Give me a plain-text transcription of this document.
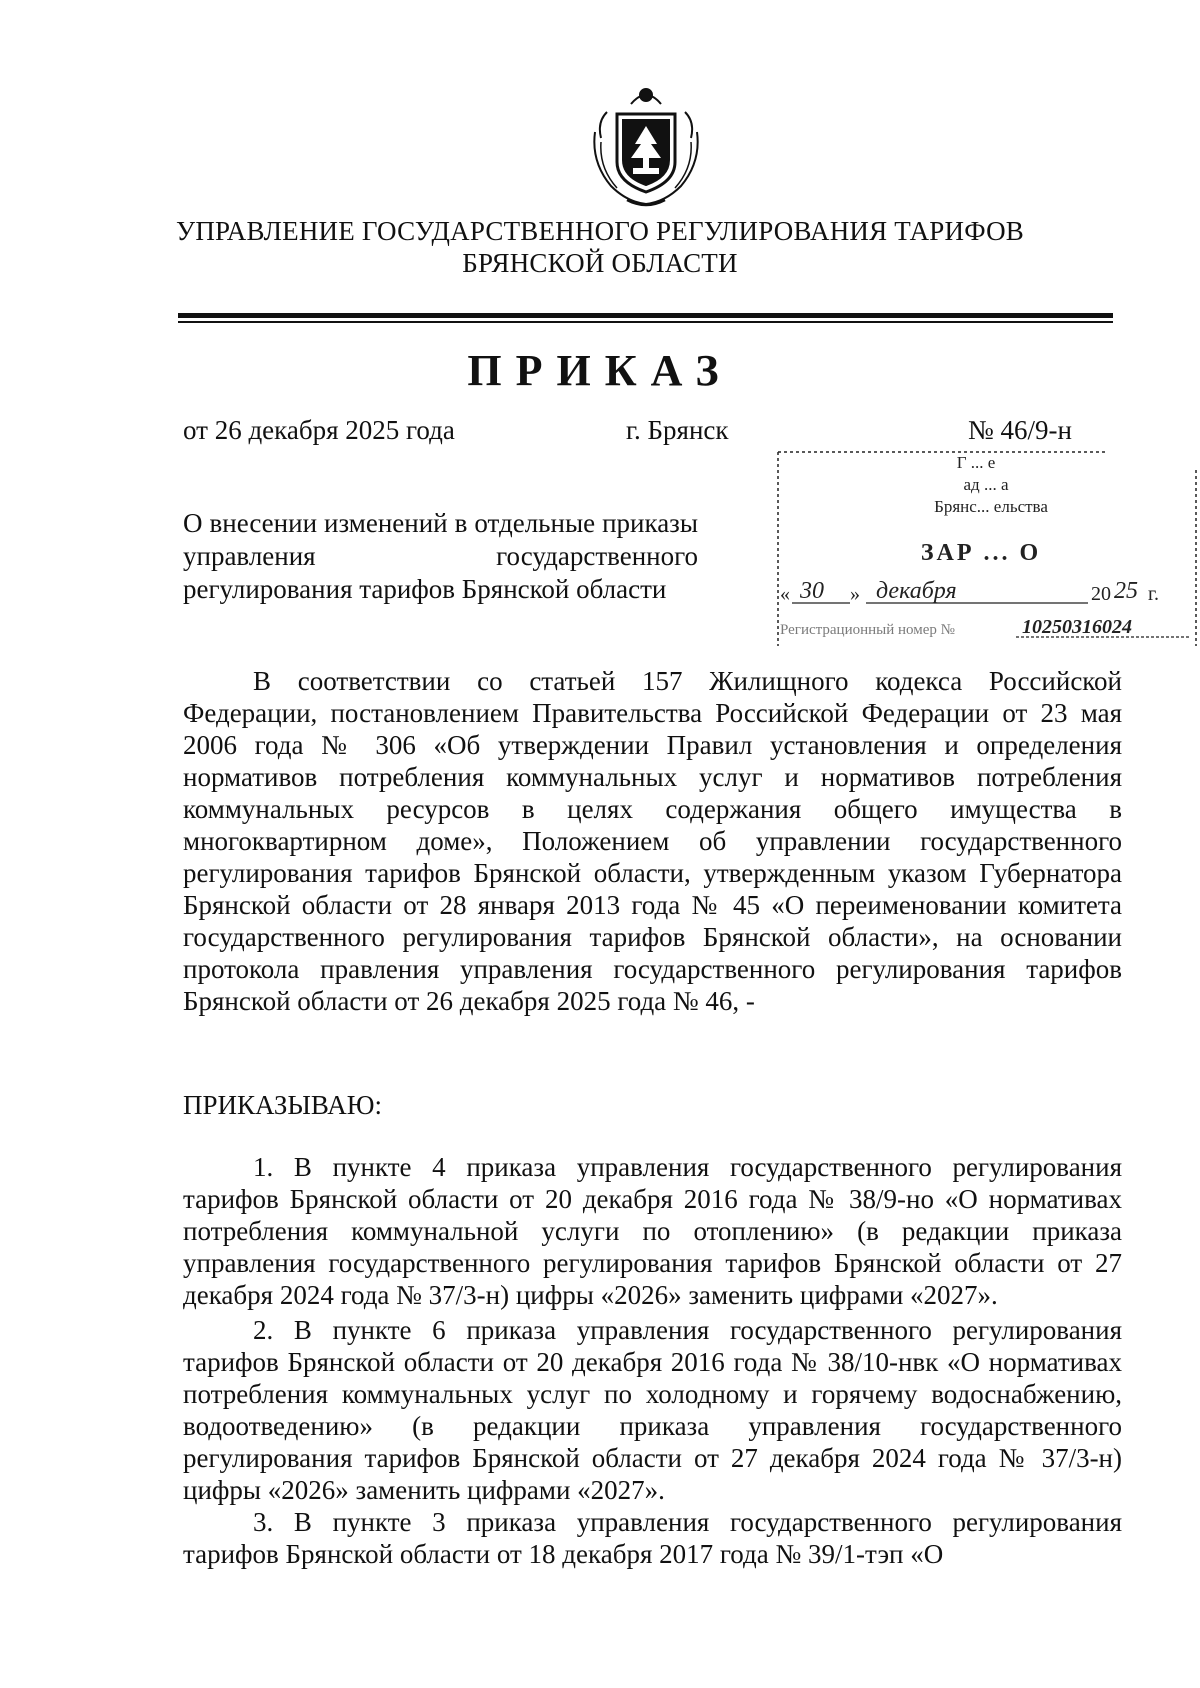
УПРАВЛЕНИЕ ГОСУДАРСТВЕННОГО РЕГУЛИРОВАНИЯ ТАРИФОВ
БРЯНСКОЙ ОБЛАСТИ
ПРИКАЗ
от 26 декабря 2025 года	г. Брянск	№ 46/9-н
О внесении изменений в отдельные приказы управления государственного регулирования тарифов Брянской области
Г ... е
ад ... а
Брянс... ельства
ЗАР ... О
« 30 » декабря	20 25 г.
Регистрационный номер №	10250316024
В соответствии со статьей 157 Жилищного кодекса Российской Федерации, постановлением Правительства Российской Федерации от 23 мая 2006 года № 306 «Об утверждении Правил установления и определения нормативов потребления коммунальных услуг и нормативов потребления коммунальных ресурсов в целях содержания общего имущества в многоквартирном доме», Положением об управлении государственного регулирования тарифов Брянской области, утвержденным указом Губернатора Брянской области от 28 января 2013 года № 45 «О переименовании комитета государственного регулирования тарифов Брянской области», на основании протокола правления управления государственного регулирования тарифов Брянской области от 26 декабря 2025 года № 46, -
ПРИКАЗЫВАЮ:
1. В пункте 4 приказа управления государственного регулирования тарифов Брянской области от 20 декабря 2016 года № 38/9-но «О нормативах потребления коммунальной услуги по отоплению» (в редакции приказа управления государственного регулирования тарифов Брянской области от 27 декабря 2024 года № 37/3-н) цифры «2026» заменить цифрами «2027».
2. В пункте 6 приказа управления государственного регулирования тарифов Брянской области от 20 декабря 2016 года № 38/10-нвк «О нормативах потребления коммунальных услуг по холодному и горячему водоснабжению, водоотведению» (в редакции приказа управления государственного регулирования тарифов Брянской области от 27 декабря 2024 года № 37/3-н) цифры «2026» заменить цифрами «2027».
3. В пункте 3 приказа управления государственного регулирования тарифов Брянской области от 18 декабря 2017 года № 39/1-тэп «О
